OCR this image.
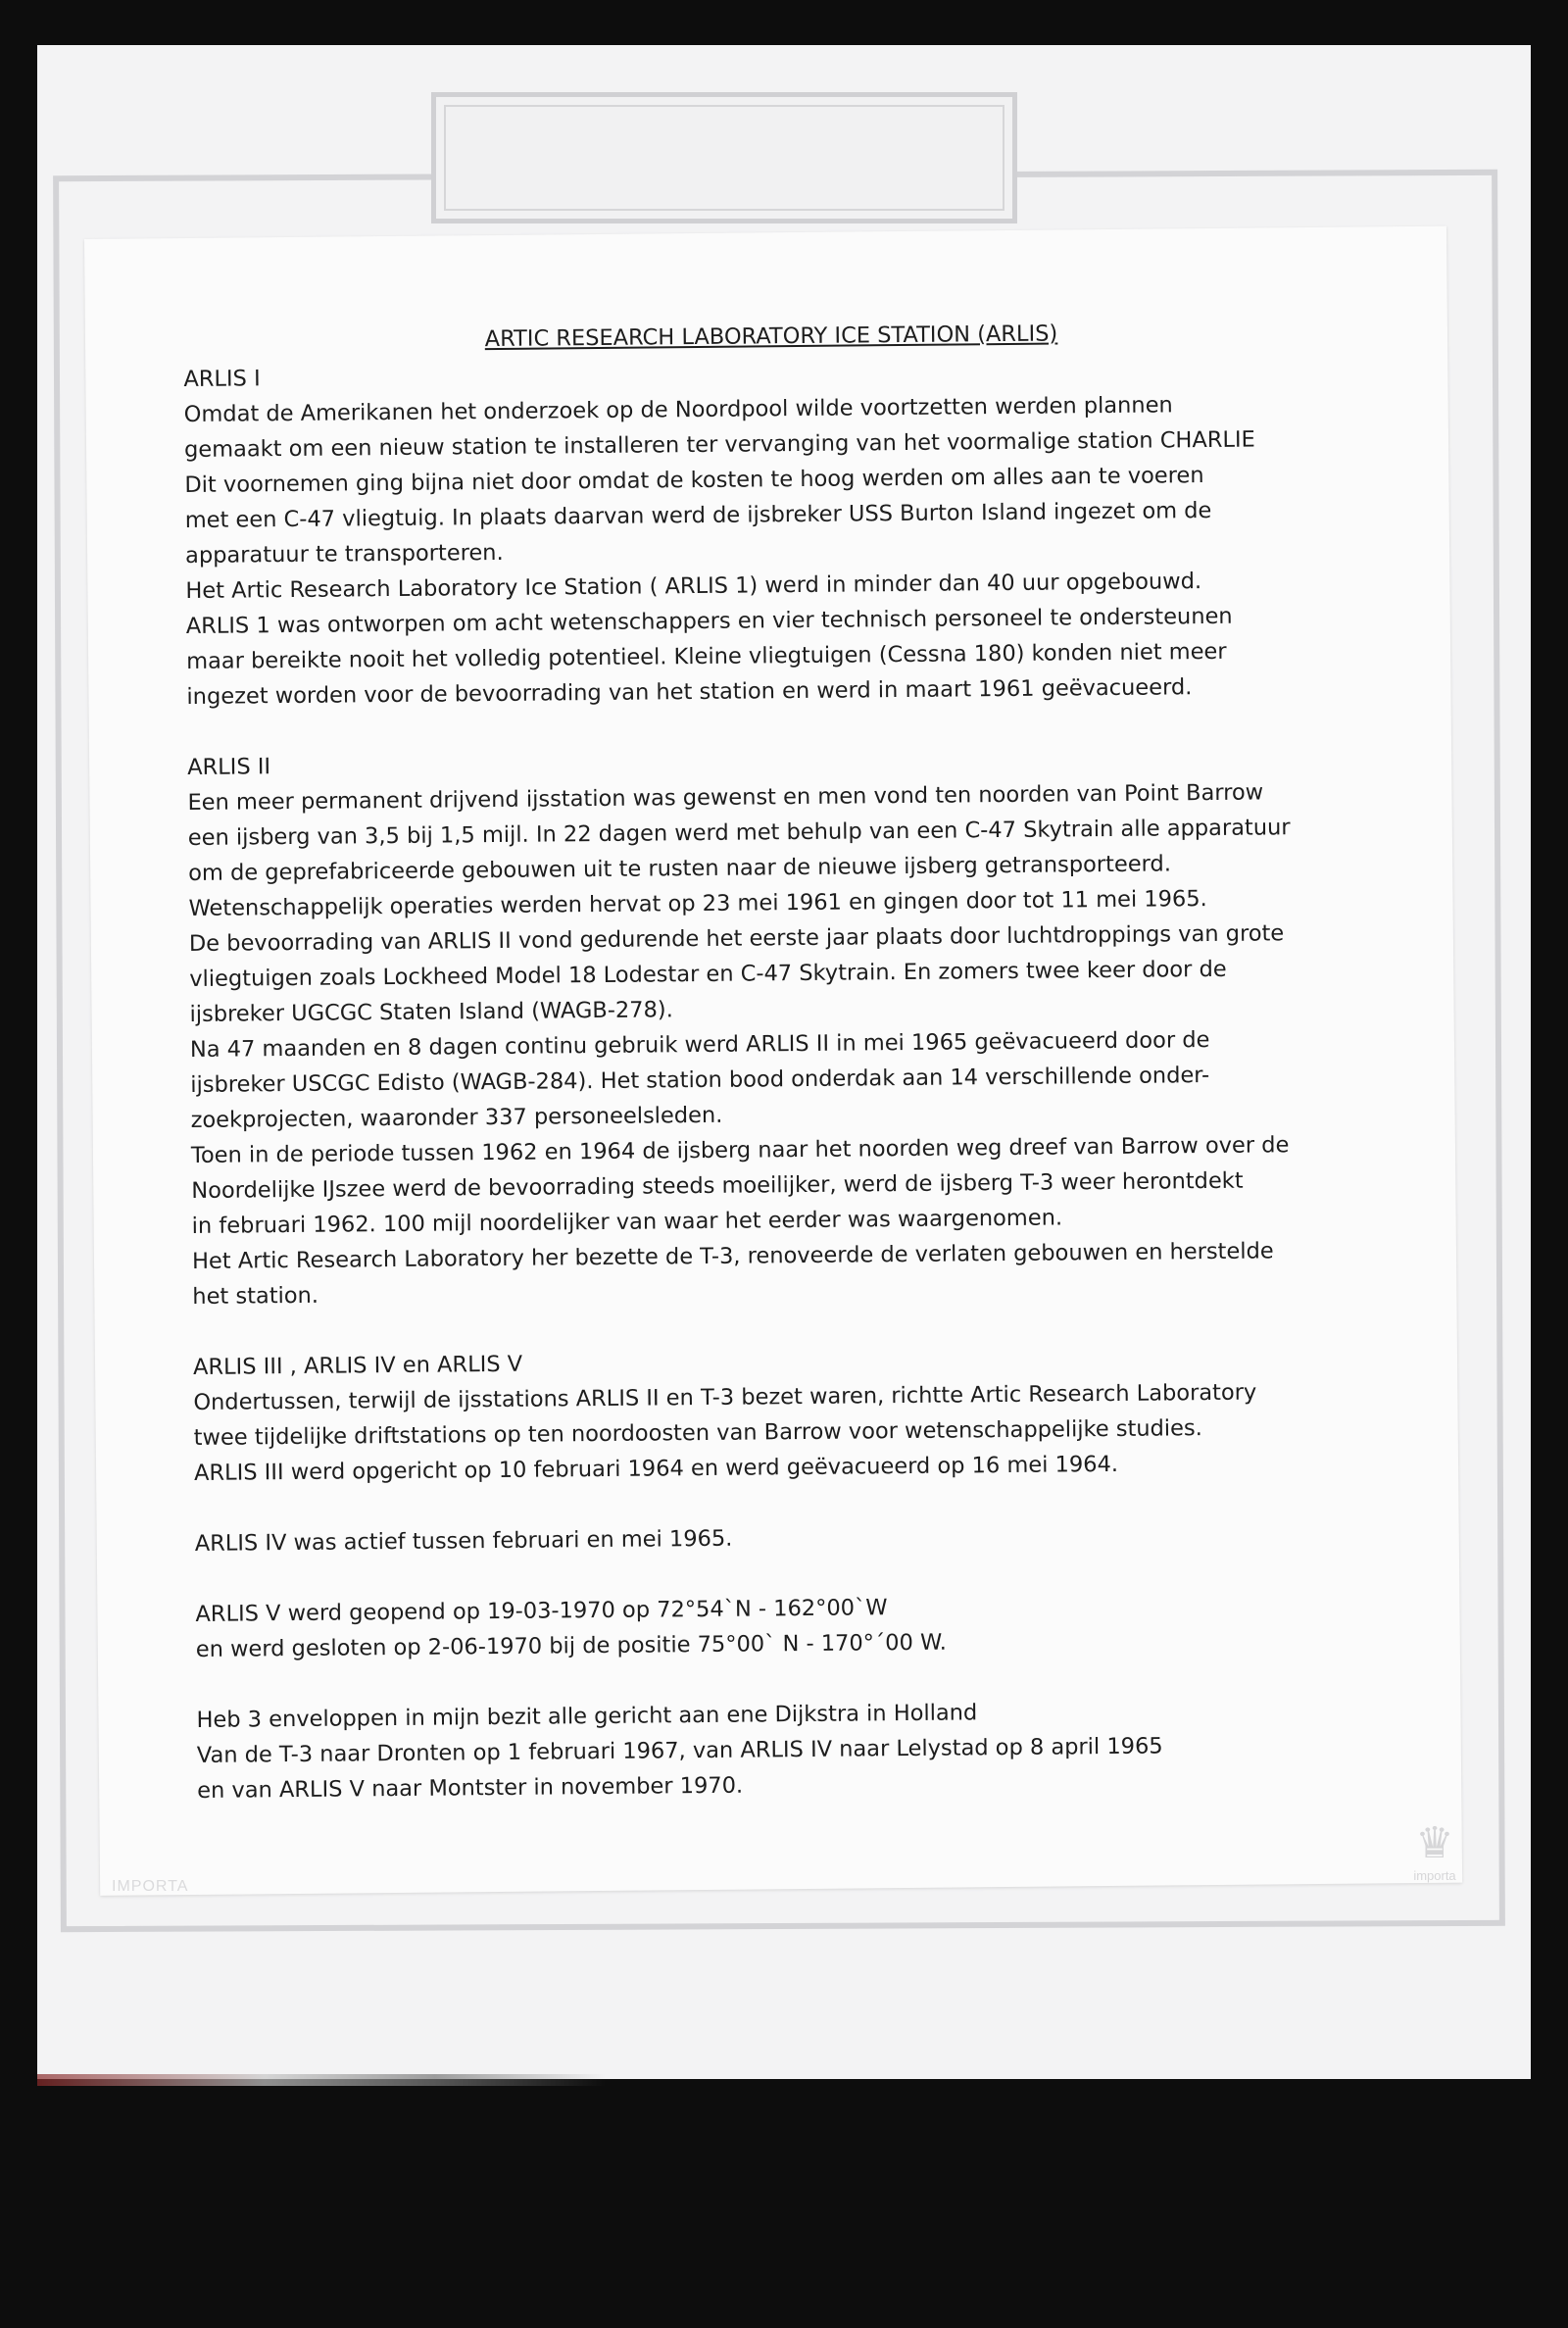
ARTIC RESEARCH LABORATORY ICE STATION (ARLIS)
ARLIS I
Omdat de Amerikanen het onderzoek op de Noordpool wilde voortzetten werden plannen
gemaakt om een nieuw station te installeren ter vervanging van het voormalige station CHARLIE
Dit voornemen ging bijna niet door omdat de kosten te hoog werden om alles aan te voeren
met een C-47 vliegtuig. In plaats daarvan werd de ijsbreker USS Burton Island ingezet om de
apparatuur te transporteren.
Het Artic Research Laboratory Ice Station ( ARLIS 1) werd in minder dan 40 uur opgebouwd.
ARLIS 1 was ontworpen om acht wetenschappers en vier technisch personeel te ondersteunen
maar bereikte nooit het volledig potentieel. Kleine vliegtuigen (Cessna 180) konden niet meer
ingezet worden voor de bevoorrading van het station en werd in maart 1961 geëvacueerd.
ARLIS II
Een meer permanent drijvend ijsstation was gewenst en men vond ten noorden van Point Barrow
een ijsberg van 3,5 bij 1,5 mijl. In 22 dagen werd met behulp van een C-47 Skytrain alle apparatuur
om de geprefabriceerde gebouwen uit te rusten naar de nieuwe ijsberg getransporteerd.
Wetenschappelijk operaties werden hervat op 23 mei 1961 en gingen door tot 11 mei 1965.
De bevoorrading van ARLIS II vond gedurende het eerste jaar plaats door luchtdroppings van grote
vliegtuigen zoals Lockheed Model 18 Lodestar en C-47 Skytrain. En zomers twee keer door de
ijsbreker UGCGC Staten Island (WAGB-278).
Na 47 maanden en 8 dagen continu gebruik werd ARLIS II in mei 1965 geëvacueerd door de
ijsbreker USCGC Edisto (WAGB-284). Het station bood onderdak aan 14 verschillende onder-
zoekprojecten, waaronder 337 personeelsleden.
Toen in de periode tussen 1962 en 1964 de ijsberg naar het noorden weg dreef van Barrow over de
Noordelijke IJszee werd de bevoorrading steeds moeilijker, werd de ijsberg T-3 weer herontdekt
in februari 1962. 100 mijl noordelijker van waar het eerder was waargenomen.
Het Artic Research Laboratory her bezette de T-3, renoveerde de verlaten gebouwen en herstelde
het station.
ARLIS III , ARLIS IV en ARLIS V
Ondertussen, terwijl de ijsstations ARLIS II en T-3 bezet waren, richtte Artic Research Laboratory
twee tijdelijke driftstations op ten noordoosten van Barrow voor wetenschappelijke studies.
ARLIS III werd opgericht op 10 februari 1964 en werd geëvacueerd op 16 mei 1964.
ARLIS IV was actief tussen februari en mei 1965.
ARLIS V werd geopend op 19-03-1970 op 72°54`N - 162°00`W
en werd gesloten op 2-06-1970 bij de positie 75°00` N - 170°´00 W.
Heb 3 enveloppen in mijn bezit alle gericht aan ene Dijkstra in Holland
Van de T-3 naar Dronten op 1 februari 1967, van ARLIS IV naar Lelystad op 8 april 1965
en van ARLIS V naar Montster in november 1970.
IMPORTA
♛
importa
